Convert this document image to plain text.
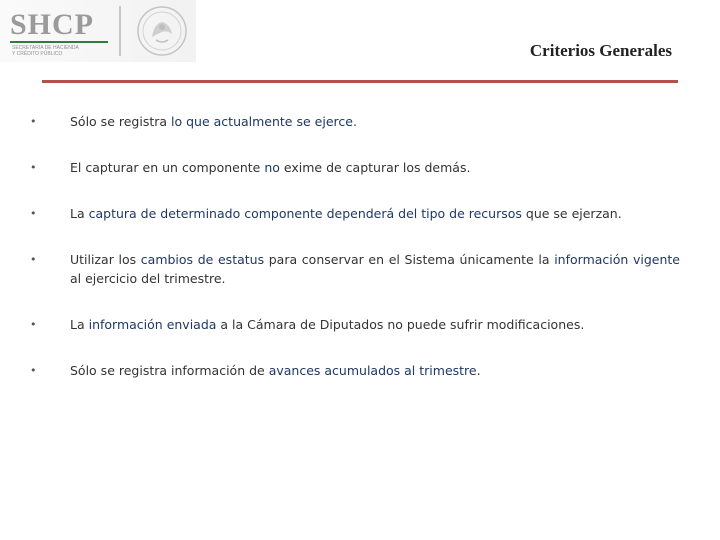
SHCP
SECRETARÍA DE HACIENDA
Y CRÉDITO PÚBLICO	Criterios Generales
•	Sólo se registra lo que actualmente se ejerce.
•	El capturar en un componente no exime de capturar los demás.
•	La captura de determinado componente dependerá del tipo de recursos que se ejerzan.
•	Utilizar los cambios de estatus para conservar en el Sistema únicamente la información vigente al ejercicio del trimestre.
•	La información enviada a la Cámara de Diputados no puede sufrir modificaciones.
•	Sólo se registra información de avances acumulados al trimestre.
